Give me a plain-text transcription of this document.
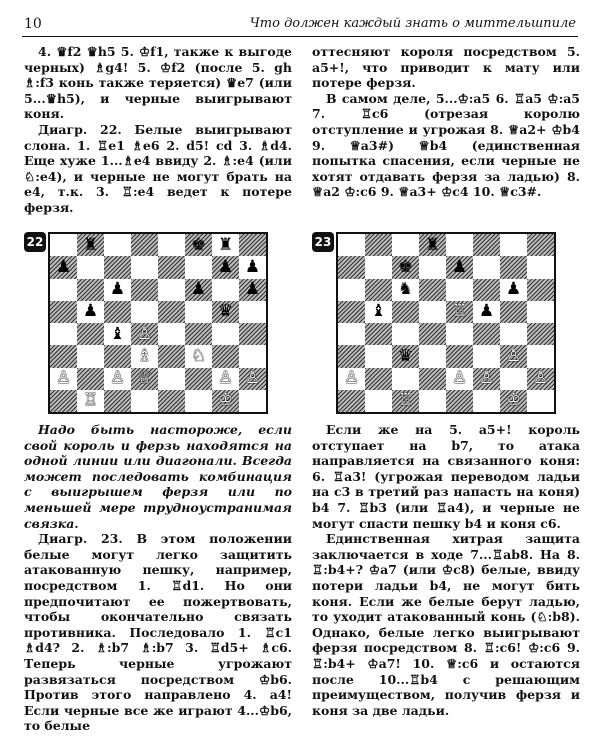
10	Что должен каждый знать о миттельшпиле

4. ♛f2 ♛h5 5. ♔f1, также к выгоде черных) ♗g4! 5. ♔f2 (после 5. gh ♗:f3 конь также теряется) ♛e7 (или 5...♛h5), и черные выигрывают коня.

Диагр. 22. Белые выигрывают слона. 1. ♖e1 ♗e6 2. d5! cd 3. ♗d4. Еще хуже 1...♗e4 ввиду 2. ♗:e4 (или ♘:e4), и черные не могут брать на e4, т.к. 3. ♖:e4 ведет к потере ферзя.

22	♜	♚ ♜
♟	♟ ♟
♟	♟	♟
♟	♛
♝ ♙
♗	♘
♙	♙ ♕	♙ ♙
♖	♔

Надо быть настороже, если свой король и ферзь находятся на одной линии или диагонали. Всегда может последовать комбинация с выигрышем ферзя или по меньшей мере трудноустранимая связка.

Диагр. 23. В этом положении белые могут легко защитить атакованную пешку, например, посредством 1. ♖d1. Но они предпочитают ее пожертвовать, чтобы окончательно связать противника. Последовало 1. ♖c1 ♗d4? 2. ♗:b7 ♗:b7 3. ♖d5+ ♗c6. Теперь черные угрожают развязаться посредством ♔b6. Против этого направлено 4. a4! Если черные все же играют 4...♔b6, то белые

оттесняют короля посредством 5. a5+!, что приводит к мату или потере ферзя.

В самом деле, 5...♔:a5 6. ♖a5 ♔:a5 7. ♖c6 (отрезая королю отступление и угрожая 8. ♕a2+ ♔b4 9. ♕a3#) ♕b4 (единственная попытка спасения, если черные не хотят отдавать ферзя за ладью) 8. ♕a2 ♔:c6 9. ♕a3+ ♔c4 10. ♕c3#.

23	♜
♚	♟
♞	♟
♝	♖ ♟
♛	♙
♙	♙ ♙	♙
♖	♔

Если же на 5. a5+! король отступает на b7, то атака направляется на связанного коня: 6. ♖a3! (угрожая переводом ладьи на c3 в третий раз напасть на коня) b4 7. ♖b3 (или ♖a4), и черные не могут спасти пешку b4 и коня c6.

Единственная хитрая защита заключается в ходе 7...♖ab8. На 8. ♖:b4+? ♔a7 (или ♔c8) белые, ввиду потери ладьи b4, не могут бить коня. Если же белые берут ладью, то уходит атакованный конь (♘:b8). Однако, белые легко выигрывают ферзя посредством 8. ♖:c6! ♔:c6 9. ♖:b4+ ♔a7! 10. ♕:c6 и остаются после 10...♖b4 с решающим преимуществом, получив ферзя и коня за две ладьи.
